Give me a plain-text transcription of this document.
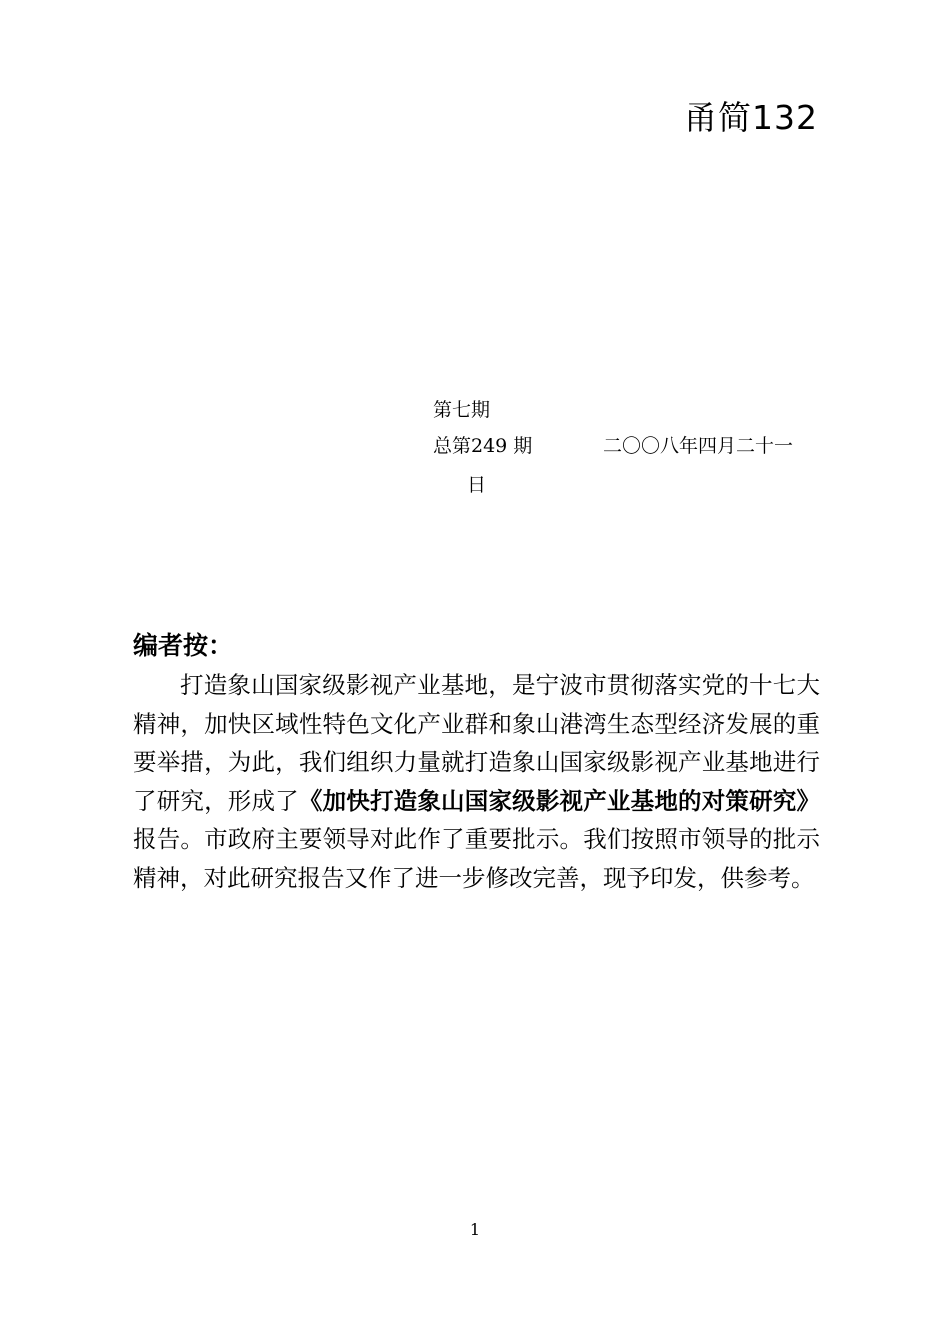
甬简132
第七期
总第249 期	二〇〇八年四月二十一
日
编者按：

打造象山国家级影视产业基地，是宁波市贯彻落实党的十七大精神，加快区域性特色文化产业群和象山港湾生态型经济发展的重要举措，为此，我们组织力量就打造象山国家级影视产业基地进行了研究，形成了《加快打造象山国家级影视产业基地的对策研究》报告。市政府主要领导对此作了重要批示。我们按照市领导的批示精神，对此研究报告又作了进一步修改完善，现予印发，供参考。

1
